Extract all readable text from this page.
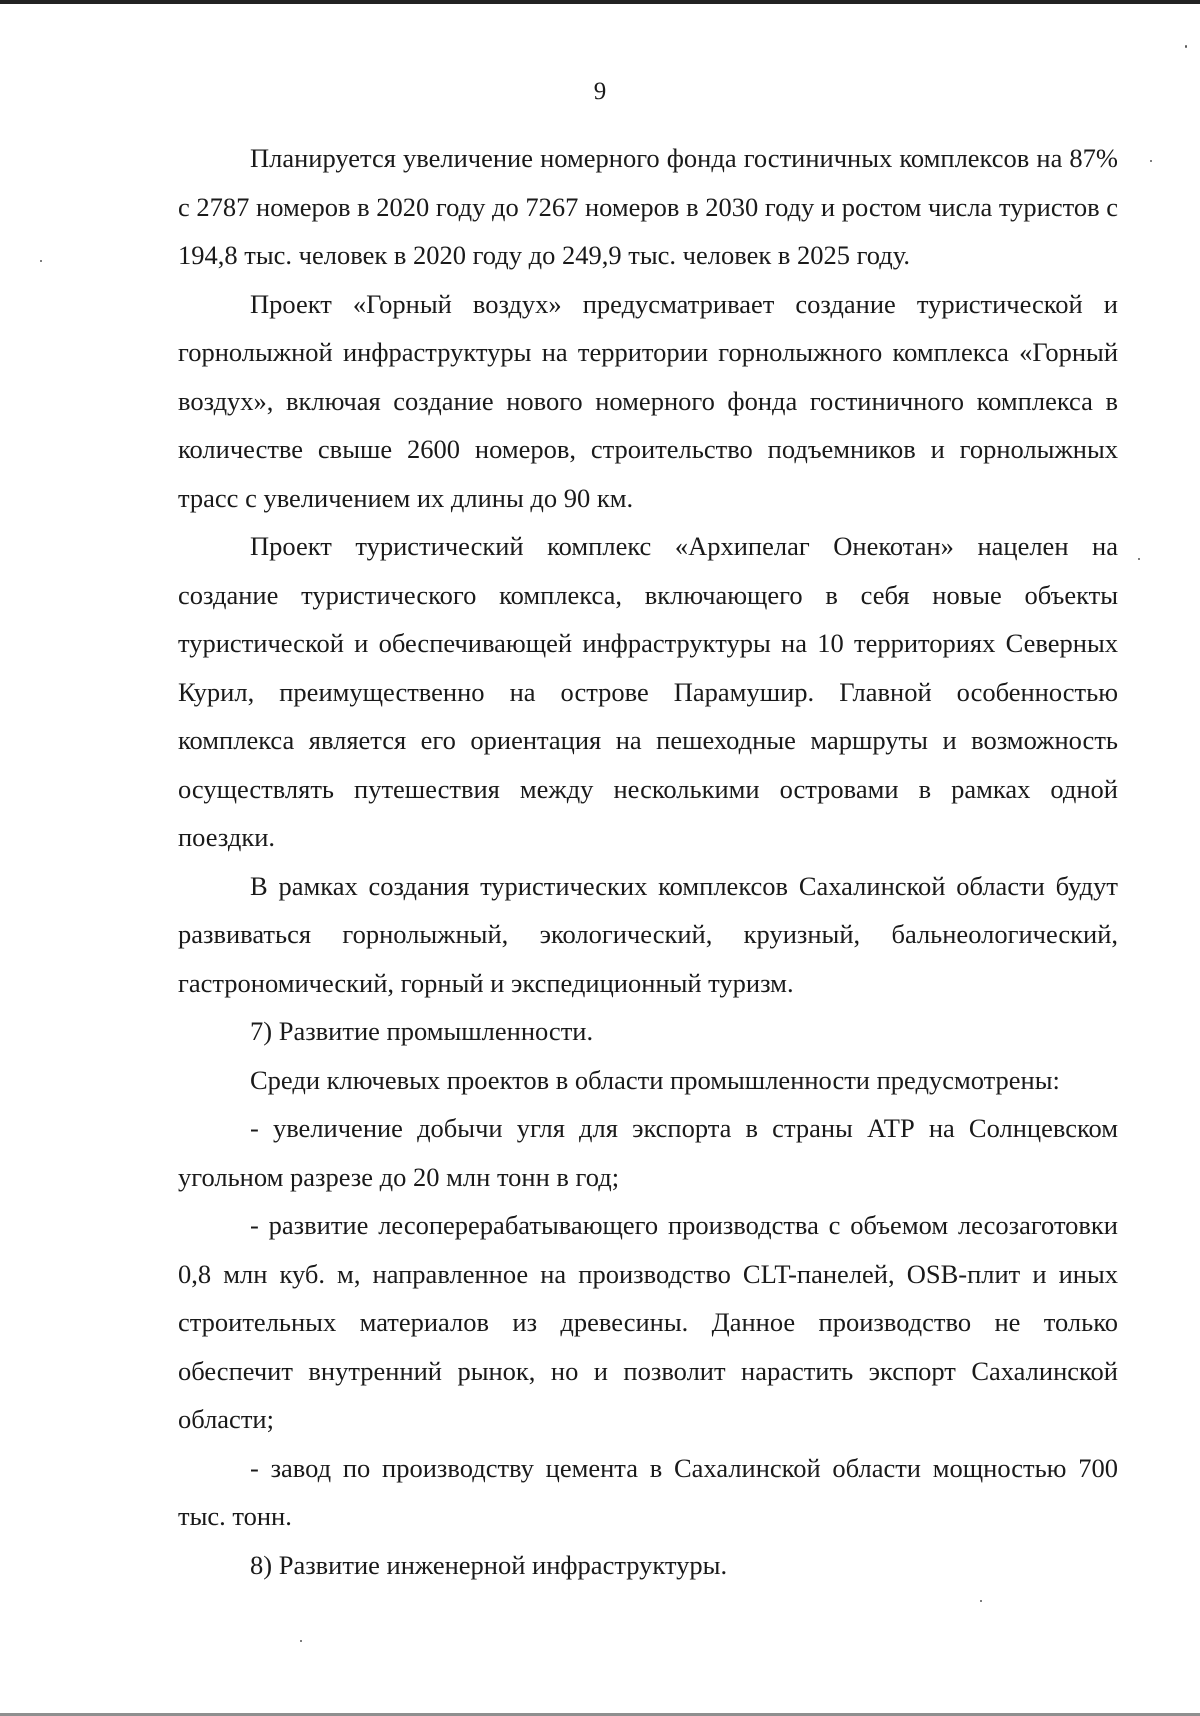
9

Планируется увеличение номерного фонда гостиничных комплексов на 87% с 2787 номеров в 2020 году до 7267 номеров в 2030 году и ростом числа туристов с 194,8 тыс. человек в 2020 году до 249,9 тыс. человек в 2025 году.

Проект «Горный воздух» предусматривает создание туристической и горнолыжной инфраструктуры на территории горнолыжного комплекса «Горный воздух», включая создание нового номерного фонда гостиничного комплекса в количестве свыше 2600 номеров, строительство подъемников и горнолыжных трасс с увеличением их длины до 90 км.

Проект туристический комплекс «Архипелаг Онекотан» нацелен на создание туристического комплекса, включающего в себя новые объекты туристической и обеспечивающей инфраструктуры на 10 территориях Северных Курил, преимущественно на острове Парамушир. Главной особенностью комплекса является его ориентация на пешеходные маршруты и возможность осуществлять путешествия между несколькими островами в рамках одной поездки.

В рамках создания туристических комплексов Сахалинской области будут развиваться горнолыжный, экологический, круизный, бальнеологический, гастрономический, горный и экспедиционный туризм.

7) Развитие промышленности.

Среди ключевых проектов в области промышленности предусмотрены:

- увеличение добычи угля для экспорта в страны АТР на Солнцевском угольном разрезе до 20 млн тонн в год;

- развитие лесоперерабатывающего производства с объемом лесозаготовки 0,8 млн куб. м, направленное на производство CLT-панелей, OSB-плит и иных строительных материалов из древесины. Данное производство не только обеспечит внутренний рынок, но и позволит нарастить экспорт Сахалинской области;

- завод по производству цемента в Сахалинской области мощностью 700 тыс. тонн.

8) Развитие инженерной инфраструктуры.
